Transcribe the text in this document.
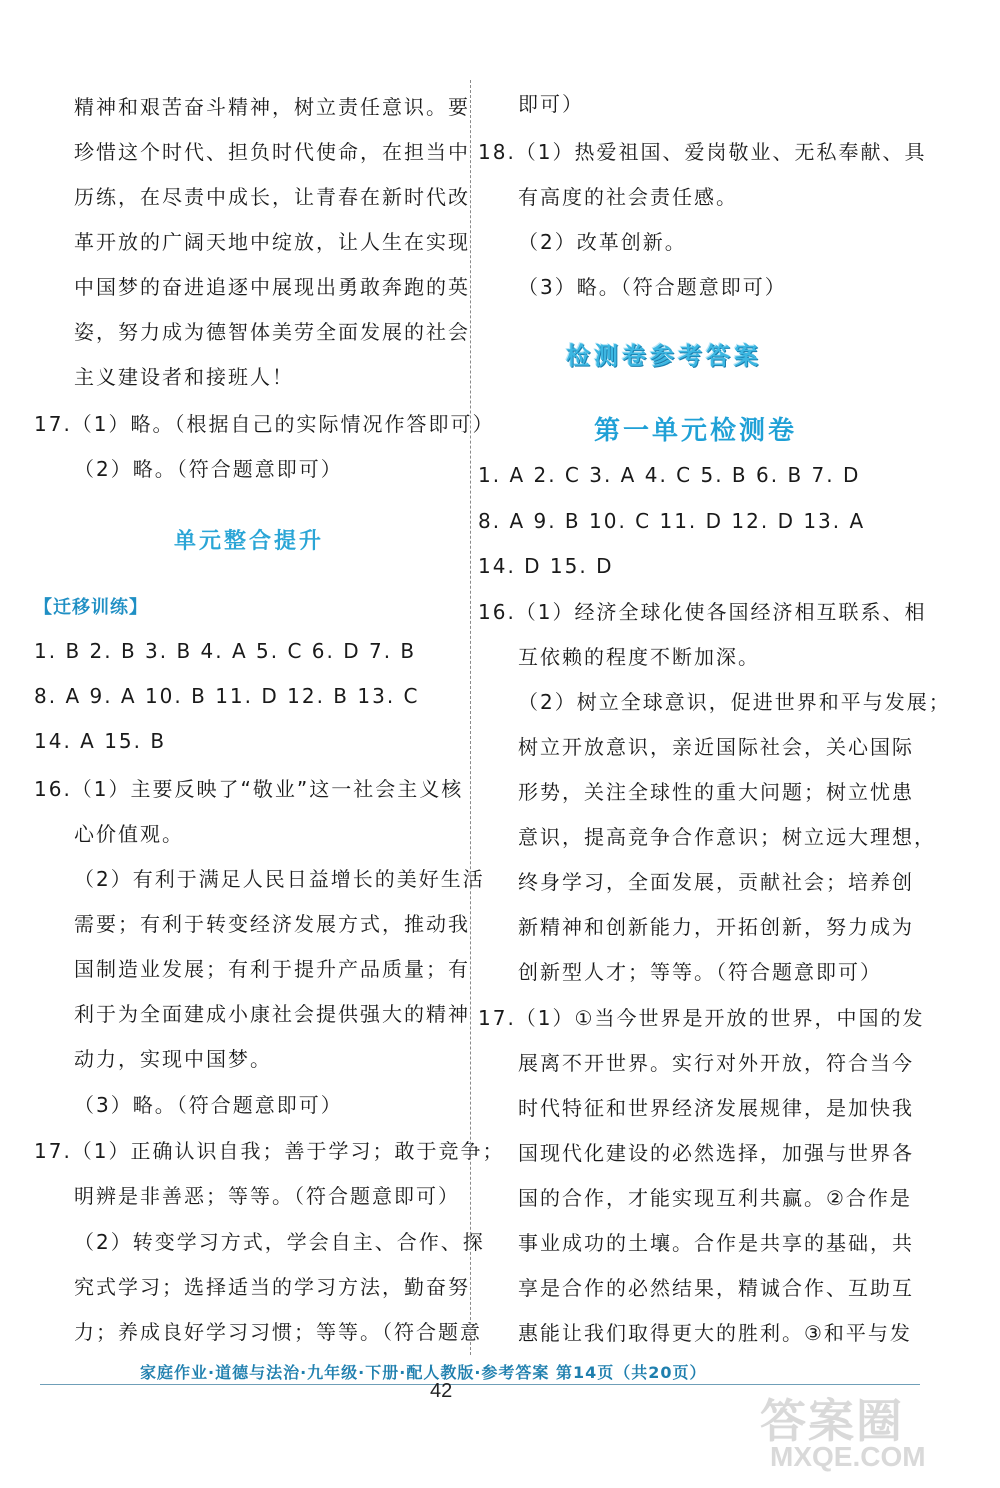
精神和艰苦奋斗精神，树立责任意识。要
珍惜这个时代、担负时代使命，在担当中
历练，在尽责中成长，让青春在新时代改
革开放的广阔天地中绽放，让人生在实现
中国梦的奋进追逐中展现出勇敢奔跑的英
姿，努力成为德智体美劳全面发展的社会
主义建设者和接班人！
17.（1）略。（根据自己的实际情况作答即可）
（2）略。（符合题意即可）
单元整合提升
【迁移训练】
1. B 2. B 3. B 4. A 5. C 6. D 7. B
8. A 9. A 10. B 11. D 12. B 13. C
14. A 15. B
16.（1）主要反映了“敬业”这一社会主义核
心价值观。
（2）有利于满足人民日益增长的美好生活
需要；有利于转变经济发展方式，推动我
国制造业发展；有利于提升产品质量；有
利于为全面建成小康社会提供强大的精神
动力，实现中国梦。
（3）略。（符合题意即可）
17.（1）正确认识自我；善于学习；敢于竞争；
明辨是非善恶；等等。（符合题意即可）
（2）转变学习方式，学会自主、合作、探
究式学习；选择适当的学习方法，勤奋努
力；养成良好学习习惯；等等。（符合题意
即可）
18.（1）热爱祖国、爱岗敬业、无私奉献、具
有高度的社会责任感。
（2）改革创新。
（3）略。（符合题意即可）
检测卷参考答案
第一单元检测卷
1. A 2. C 3. A 4. C 5. B 6. B 7. D
8. A 9. B 10. C 11. D 12. D 13. A
14. D 15. D
16.（1）经济全球化使各国经济相互联系、相
互依赖的程度不断加深。
（2）树立全球意识，促进世界和平与发展；
树立开放意识，亲近国际社会，关心国际
形势，关注全球性的重大问题；树立忧患
意识，提高竞争合作意识；树立远大理想，
终身学习，全面发展，贡献社会；培养创
新精神和创新能力，开拓创新，努力成为
创新型人才；等等。（符合题意即可）
17.（1）①当今世界是开放的世界，中国的发
展离不开世界。实行对外开放，符合当今
时代特征和世界经济发展规律，是加快我
国现代化建设的必然选择，加强与世界各
国的合作，才能实现互利共赢。②合作是
事业成功的土壤。合作是共享的基础，共
享是合作的必然结果，精诚合作、互助互
惠能让我们取得更大的胜利。③和平与发
家庭作业·道德与法治·九年级·下册·配人教版·参考答案 第14页（共20页）
42
答案圈
MXQE.COM
